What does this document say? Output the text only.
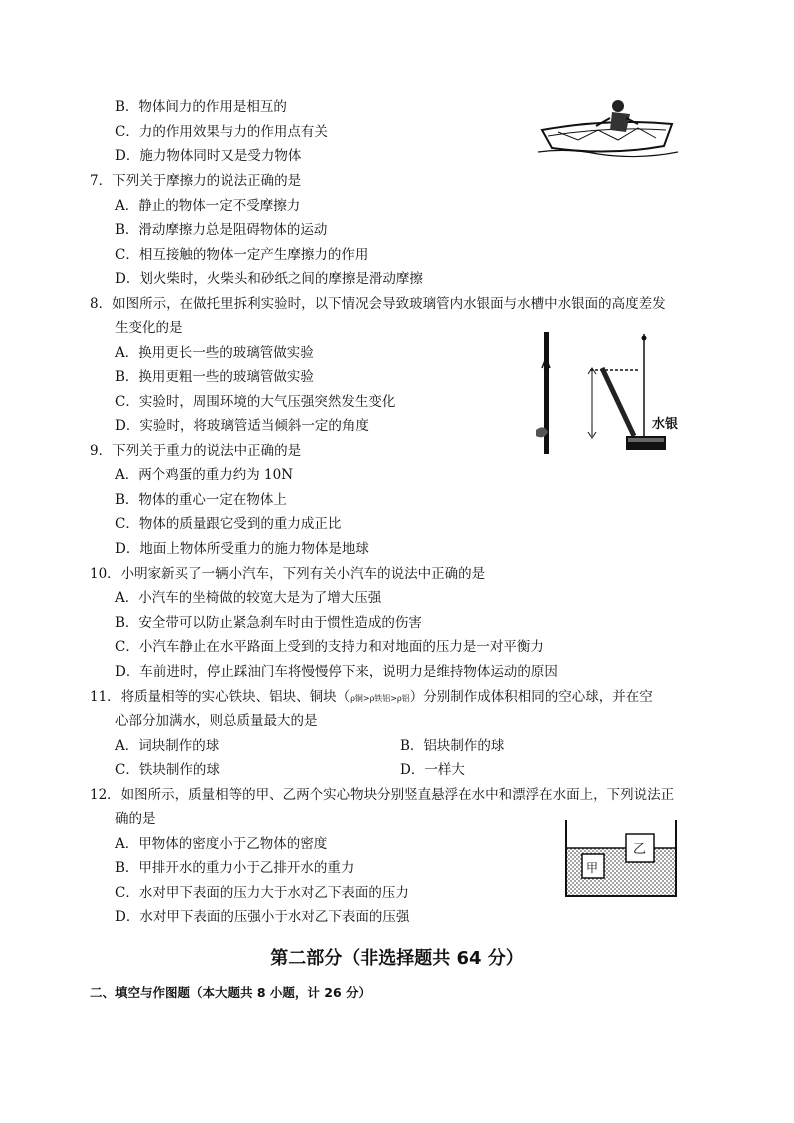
B．物体间力的作用是相互的
C．力的作用效果与力的作用点有关
D．施力物体同时又是受力物体
7．下列关于摩擦力的说法正确的是
A．静止的物体一定不受摩擦力
B．滑动摩擦力总是阻碍物体的运动
C．相互接触的物体一定产生摩擦力的作用
D．划火柴时，火柴头和砂纸之间的摩擦是滑动摩擦
8．如图所示，在做托里拆利实验时，以下情况会导致玻璃管内水银面与水槽中水银面的高度差发
生变化的是
A．换用更长一些的玻璃管做实验
B．换用更粗一些的玻璃管做实验
C．实验时，周围环境的大气压强突然发生变化
D．实验时，将玻璃管适当倾斜一定的角度	水银
9．下列关于重力的说法中正确的是
A．两个鸡蛋的重力约为 10N
B．物体的重心一定在物体上
C．物体的质量跟它受到的重力成正比
D．地面上物体所受重力的施力物体是地球
10．小明家新买了一辆小汽车，下列有关小汽车的说法中正确的是
A．小汽车的坐椅做的较宽大是为了增大压强
B．安全带可以防止紧急刹车时由于惯性造成的伤害
C．小汽车静止在水平路面上受到的支持力和对地面的压力是一对平衡力
D．车前进时，停止踩油门车将慢慢停下来，说明力是维持物体运动的原因
11．将质量相等的实心铁块、铝块、铜块（ρ铜>ρ铁铝>ρ铝）分别制作成体积相同的空心球，并在空
心部分加满水，则总质量最大的是
A．词块制作的球	B．铝块制作的球
C．铁块制作的球	D．一样大
12．如图所示，质量相等的甲、乙两个实心物块分别竖直悬浮在水中和漂浮在水面上，下列说法正
确的是
A．甲物体的密度小于乙物体的密度
B．甲排开水的重力小于乙排开水的重力
C．水对甲下表面的压力大于水对乙下表面的压力
D．水对甲下表面的压强小于水对乙下表面的压强
甲
乙
第二部分（非选择题共 64 分）
二、填空与作图题（本大题共 8 小题，计 26 分）
